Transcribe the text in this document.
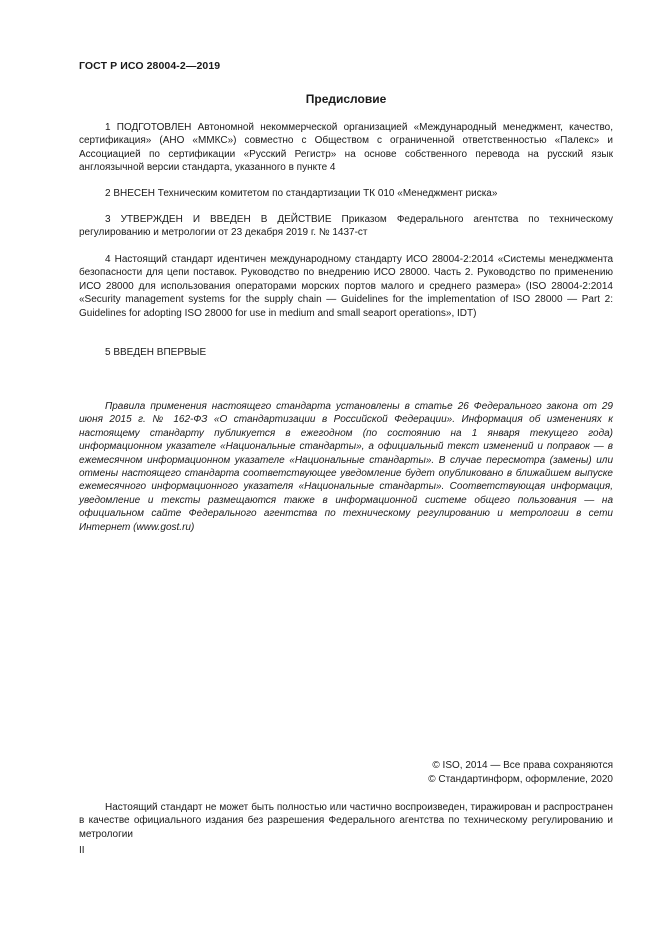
ГОСТ Р ИСО 28004-2—2019
Предисловие

1 ПОДГОТОВЛЕН Автономной некоммерческой организацией «Международный менеджмент, качество, сертификация» (АНО «ММКС») совместно с Обществом с ограниченной ответственностью «Палекс» и Ассоциацией по сертификации «Русский Регистр» на основе собственного перевода на русский язык англоязычной версии стандарта, указанного в пункте 4

2 ВНЕСЕН Техническим комитетом по стандартизации ТК 010 «Менеджмент риска»

3 УТВЕРЖДЕН И ВВЕДЕН В ДЕЙСТВИЕ Приказом Федерального агентства по техническому регулированию и метрологии от 23 декабря 2019 г. № 1437-ст

4 Настоящий стандарт идентичен международному стандарту ИСО 28004-2:2014 «Системы менеджмента безопасности для цепи поставок. Руководство по внедрению ИСО 28000. Часть 2. Руководство по применению ИСО 28000 для использования операторами морских портов малого и среднего размера» (ISO 28004-2:2014 «Security management systems for the supply chain — Guidelines for the implementation of ISO 28000 — Part 2: Guidelines for adopting ISO 28000 for use in medium and small seaport operations», IDT)

5 ВВЕДЕН ВПЕРВЫЕ

Правила применения настоящего стандарта установлены в статье 26 Федерального закона от 29 июня 2015 г. № 162-ФЗ «О стандартизации в Российской Федерации». Информация об изменениях к настоящему стандарту публикуется в ежегодном (по состоянию на 1 января текущего года) информационном указателе «Национальные стандарты», а официальный текст изменений и поправок — в ежемесячном информационном указателе «Национальные стандарты». В случае пересмотра (замены) или отмены настоящего стандарта соответствующее уведомление будет опубликовано в ближайшем выпуске ежемесячного информационного указателя «Национальные стандарты». Соответствующая информация, уведомление и тексты размещаются также в информационной системе общего пользования — на официальном сайте Федерального агентства по техническому регулированию и метрологии в сети Интернет (www.gost.ru)

© ISO, 2014 — Все права сохраняются
© Стандартинформ, оформление, 2020

Настоящий стандарт не может быть полностью или частично воспроизведен, тиражирован и распространен в качестве официального издания без разрешения Федерального агентства по техническому регулированию и метрологии

II
